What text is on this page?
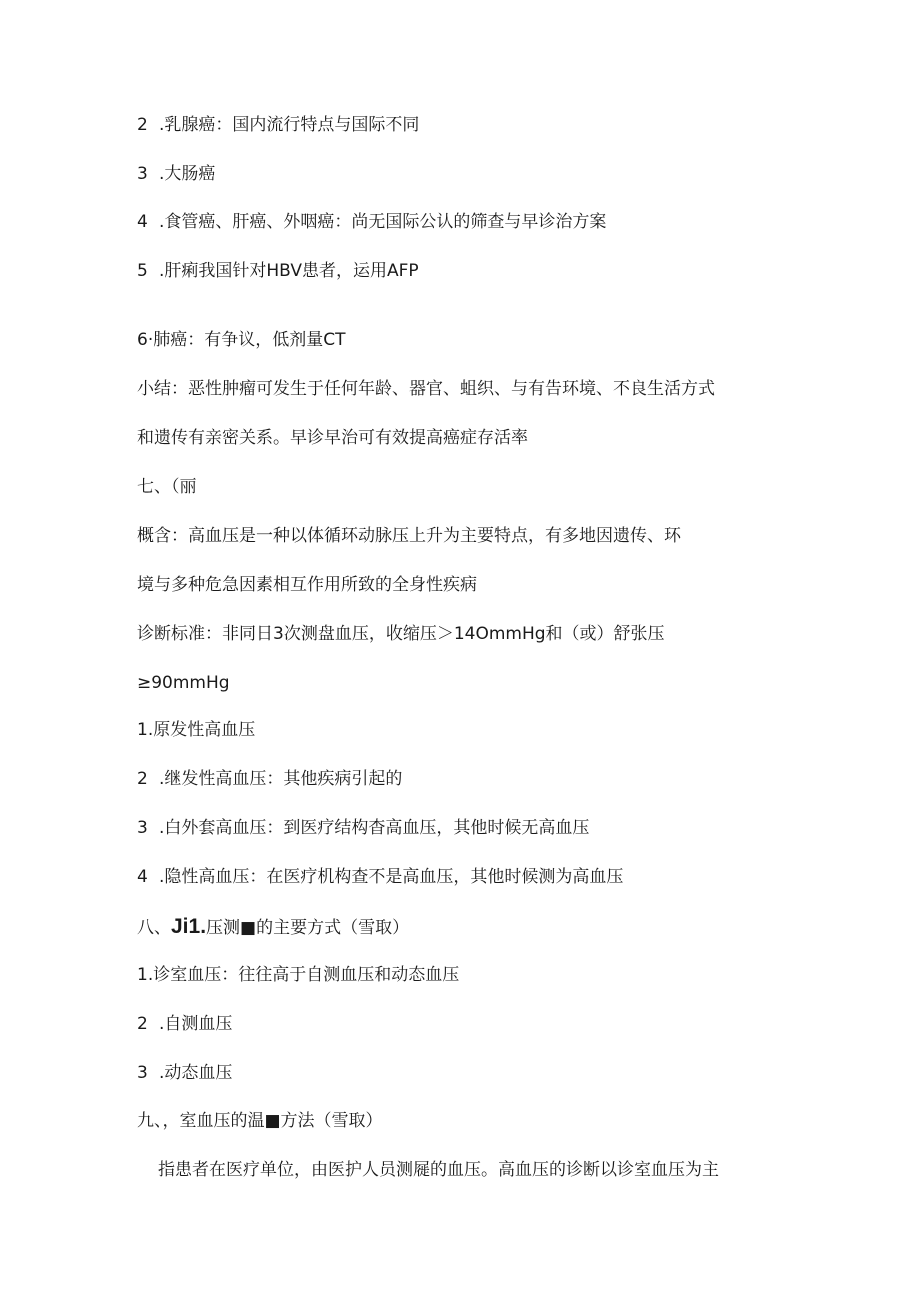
2 .乳腺癌：国内流行特点与国际不同
3 .大肠癌
4 .食管癌、肝癌、外咽癌：尚无国际公认的筛查与早诊治方案
5 .肝痢我国针对HBV患者，运用AFP
6·肺癌：有争议，低剂量CT
小结：恶性肿瘤可发生于任何年龄、器官、蛆织、与有告环境、不良生活方式
和遗传有亲密关系。早诊早治可有效提高癌症存活率
七、（丽
概含：高血压是一种以体循环动脉压上升为主要特点，有多地因遗传、环
境与多种危急因素相互作用所致的全身性疾病
诊断标准：非同日3次测盘血压，收缩压＞14OmmHg和（或）舒张压
≥90mmHg
1.原发性高血压
2 .继发性高血压：其他疾病引起的
3 .白外套高血压：到医疗结构杳高血压，其他时候无高血压
4 .隐性高血压：在医疗机构查不是高血压，其他时候测为高血压
八、Ji1.压测■的主要方式（雪取）
1.诊室血压：往往高于自测血压和动态血压
2 .自测血压
3 .动态血压
九、，室血压的温■方法（雪取）
指患者在医疗单位，由医护人员测屣的血压。高血压的诊断以诊室血压为主
